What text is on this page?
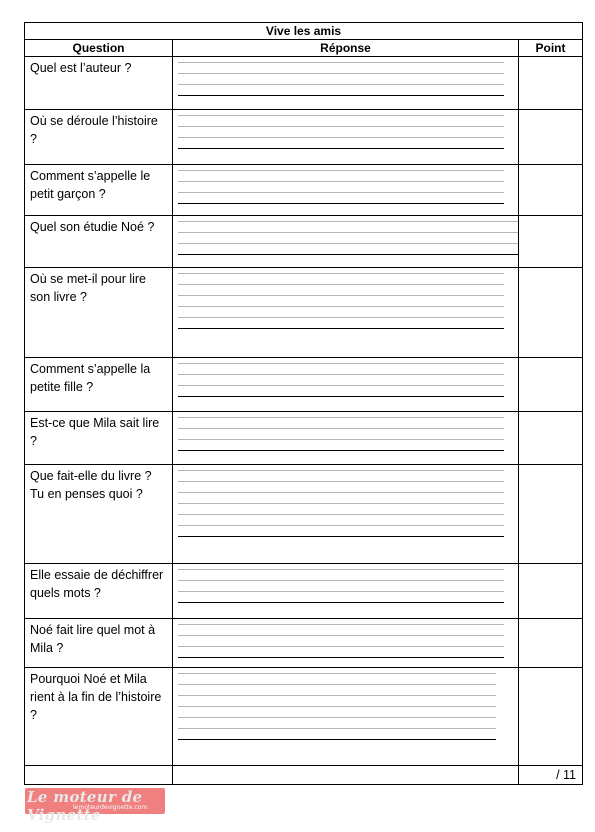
Vive les amis		
Question	Réponse	Point
Quel est l’auteur ?	

Où se déroule l’histoire ?	

Comment s’appelle le petit garçon ?	

Quel son étudie Noé ?	

Où se met-il pour lire son livre ?	

Comment s’appelle la petite fille ?	

Est-ce que Mila sait lire ?	

Que fait-elle du livre ? Tu en penses quoi ?	

Elle essaie de déchiffrer quels mots ?	

Noé fait lire quel mot à Mila ?	

Pourquoi Noé et Mila rient à la fin de l’histoire ?	

		/ 11
Le moteur de Vignette
lemoteurdevignette.com
